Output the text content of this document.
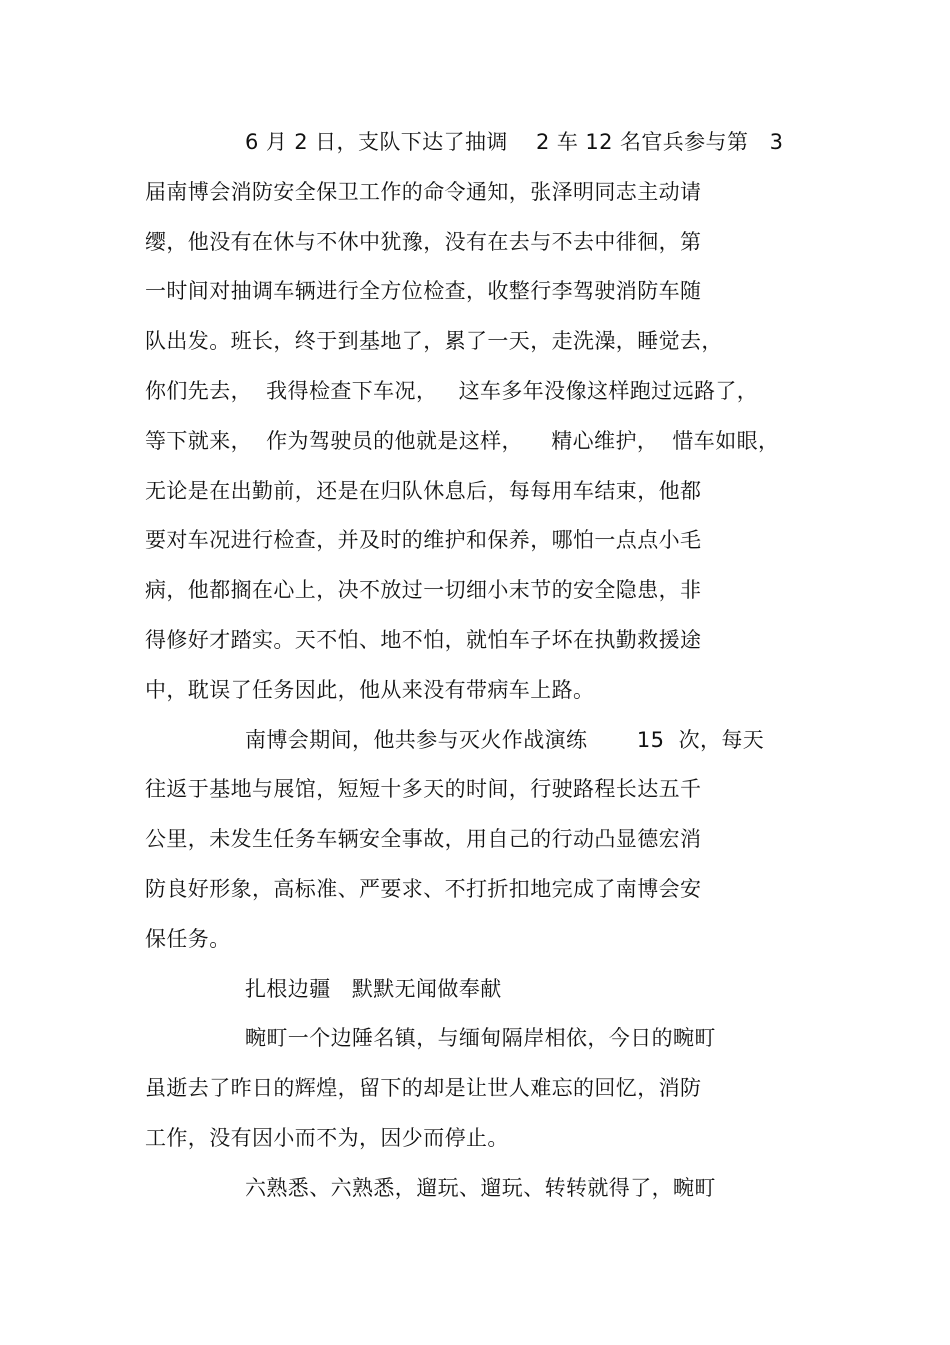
6 月 2 日，支队下达了抽调    2 车 12 名官兵参与第   3
届南博会消防安全保卫工作的命令通知，张泽明同志主动请
缨，他没有在休与不休中犹豫，没有在去与不去中徘徊，第
一时间对抽调车辆进行全方位检查，收整行李驾驶消防车随
队出发。班长，终于到基地了，累了一天，走洗澡，睡觉去，
你们先去，  我得检查下车况，   这车多年没像这样跑过远路了，
等下就来，  作为驾驶员的他就是这样，    精心维护，  惜车如眼，
无论是在出勤前，还是在归队休息后，每每用车结束，他都
要对车况进行检查，并及时的维护和保养，哪怕一点点小毛
病，他都搁在心上，决不放过一切细小末节的安全隐患，非
得修好才踏实。天不怕、地不怕，就怕车子坏在执勤救援途
中，耽误了任务因此，他从来没有带病车上路。
南博会期间，他共参与灭火作战演练       15  次，每天
往返于基地与展馆，短短十多天的时间，行驶路程长达五千
公里，未发生任务车辆安全事故，用自己的行动凸显德宏消
防良好形象，高标准、严要求、不打折扣地完成了南博会安
保任务。
扎根边疆   默默无闻做奉献
畹町一个边陲名镇，与缅甸隔岸相依，今日的畹町
虽逝去了昨日的辉煌，留下的却是让世人难忘的回忆，消防
工作，没有因小而不为，因少而停止。
六熟悉、六熟悉，遛玩、遛玩、转转就得了，畹町
